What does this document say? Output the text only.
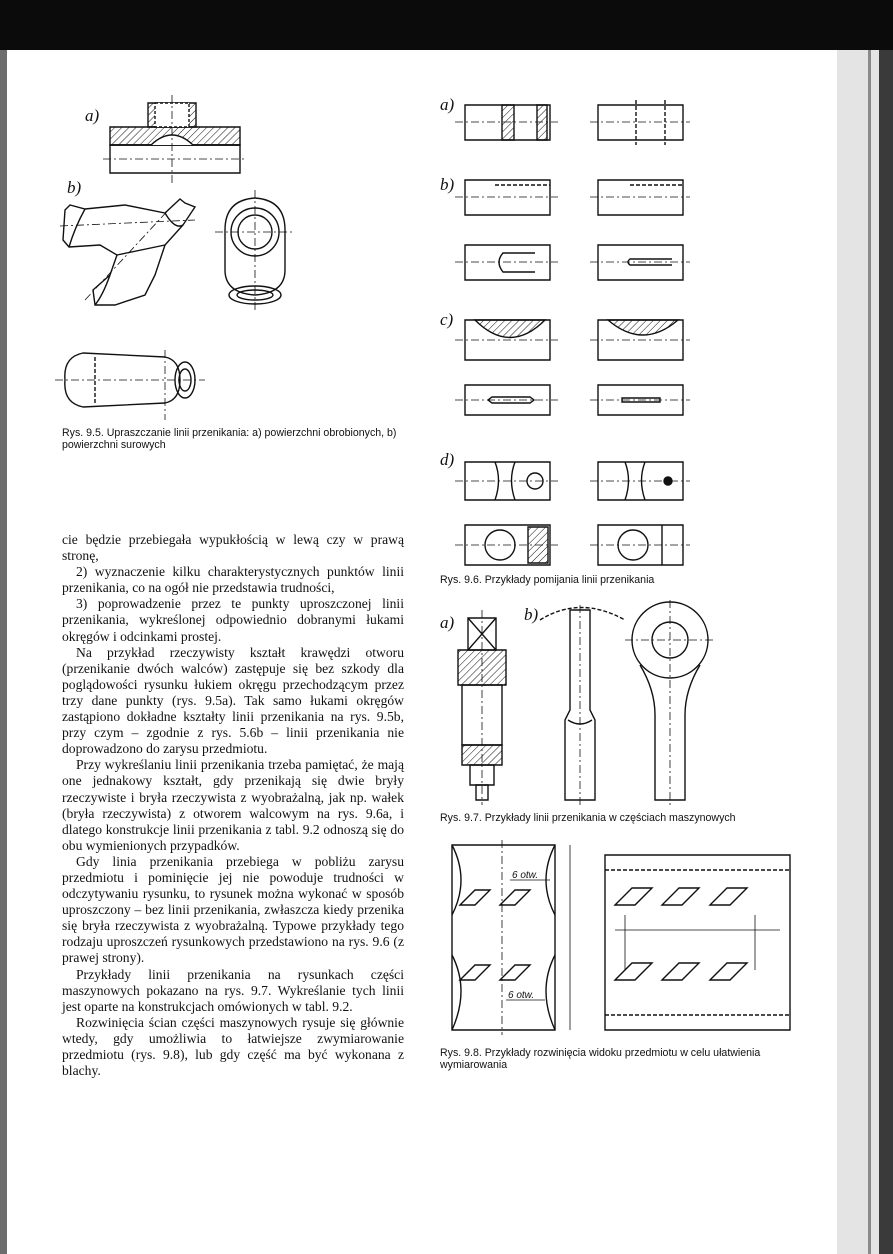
a)
b)

Rys. 9.5. Upraszczanie linii przenikania: a) powierzchni obrobionych, b) powierzchni surowych

a)
b)
c)
d)

Rys. 9.6. Przykłady pomijania linii przenikania

a)	b)

Rys. 9.7. Przykłady linii przenikania w częściach maszynowych

6 otw.
6 otw.

Rys. 9.8. Przykłady rozwinięcia widoku przedmiotu w celu ułatwienia wymiarowania

cie będzie przebiegała wypukłością w lewą czy w prawą stronę,

2) wyznaczenie kilku charakterystycznych punktów linii przenikania, co na ogół nie przedstawia trudności,

3) poprowadzenie przez te punkty uproszczonej linii przenikania, wykreślonej odpowiednio dobranymi łukami okręgów i odcinkami prostej.

Na przykład rzeczywisty kształt krawędzi otworu (przenikanie dwóch walców) zastępuje się bez szkody dla poglądowości rysunku łukiem okręgu przechodzącym przez trzy dane punkty (rys. 9.5a). Tak samo łukami okręgów zastąpiono dokładne kształty linii przenikania na rys. 9.5b, przy czym – zgodnie z rys. 5.6b – linii przenikania nie doprowadzono do zarysu przedmiotu.

Przy wykreślaniu linii przenikania trzeba pamiętać, że mają one jednakowy kształt, gdy przenikają się dwie bryły rzeczywiste i bryła rzeczywista z wyobrażalną, jak np. wałek (bryła rzeczywista) z otworem walcowym na rys. 9.6a, i dlatego konstrukcje linii przenikania z tabl. 9.2 odnoszą się do obu wymienionych przypadków.

Gdy linia przenikania przebiega w pobliżu zarysu przedmiotu i pominięcie jej nie powoduje trudności w odczytywaniu rysunku, to rysunek można wykonać w sposób uproszczony – bez linii przenikania, zwłaszcza kiedy przenika się bryła rzeczywista z wyobrażalną. Typowe przykłady tego rodzaju uproszczeń rysunkowych przedstawiono na rys. 9.6 (z prawej strony).

Przykłady linii przenikania na rysunkach części maszynowych pokazano na rys. 9.7. Wykreślanie tych linii jest oparte na konstrukcjach omówionych w tabl. 9.2.

Rozwinięcia ścian części maszynowych rysuje się głównie wtedy, gdy umożliwia to łatwiejsze zwymiarowanie przedmiotu (rys. 9.8), lub gdy część ma być wykonana z blachy.
